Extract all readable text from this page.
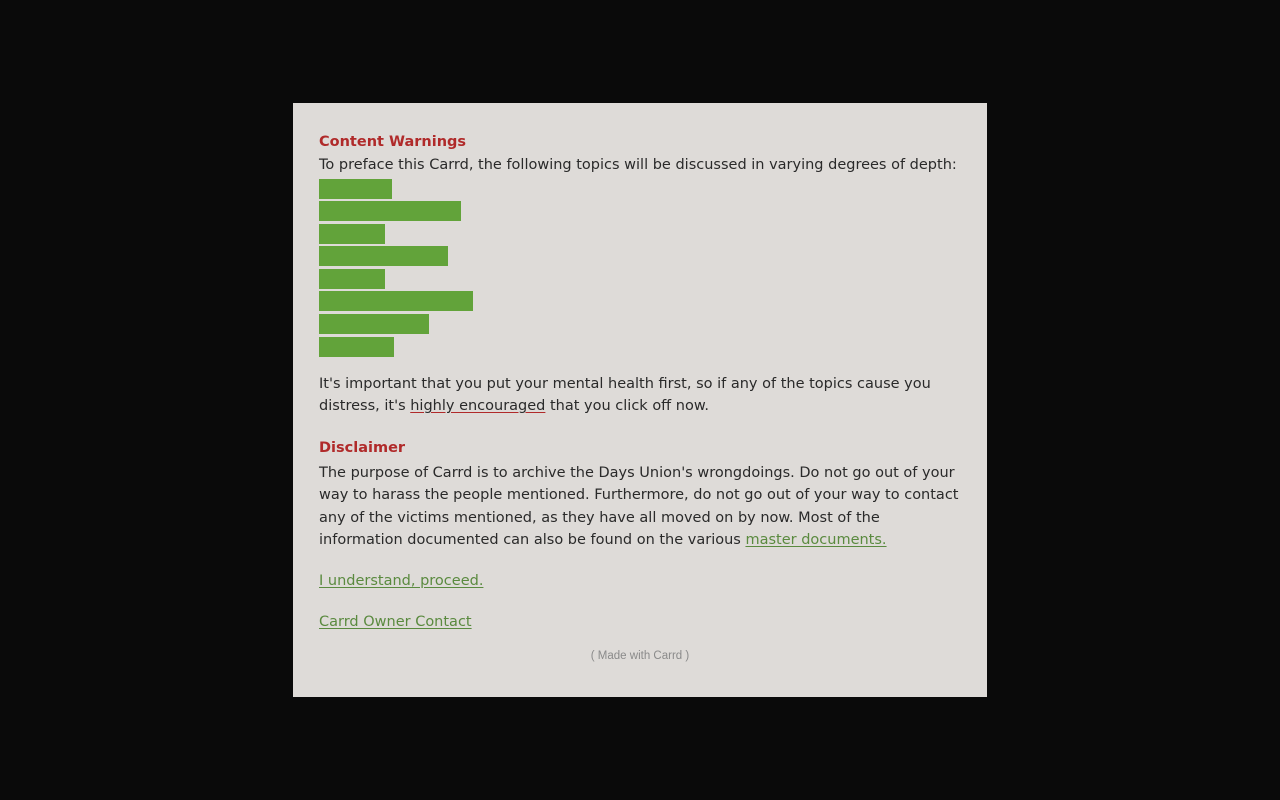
Content Warnings

To preface this Carrd, the following topics will be discussed in varying degrees of depth:

It's important that you put your mental health first, so if any of the topics cause you distress, it's highly encouraged that you click off now.

Disclaimer

The purpose of Carrd is to archive the Days Union's wrongdoings. Do not go out of your way to harass the people mentioned. Furthermore, do not go out of your way to contact any of the victims mentioned, as they have all moved on by now. Most of the information documented can also be found on the various master documents.

I understand, proceed.

Carrd Owner Contact

( Made with Carrd )
